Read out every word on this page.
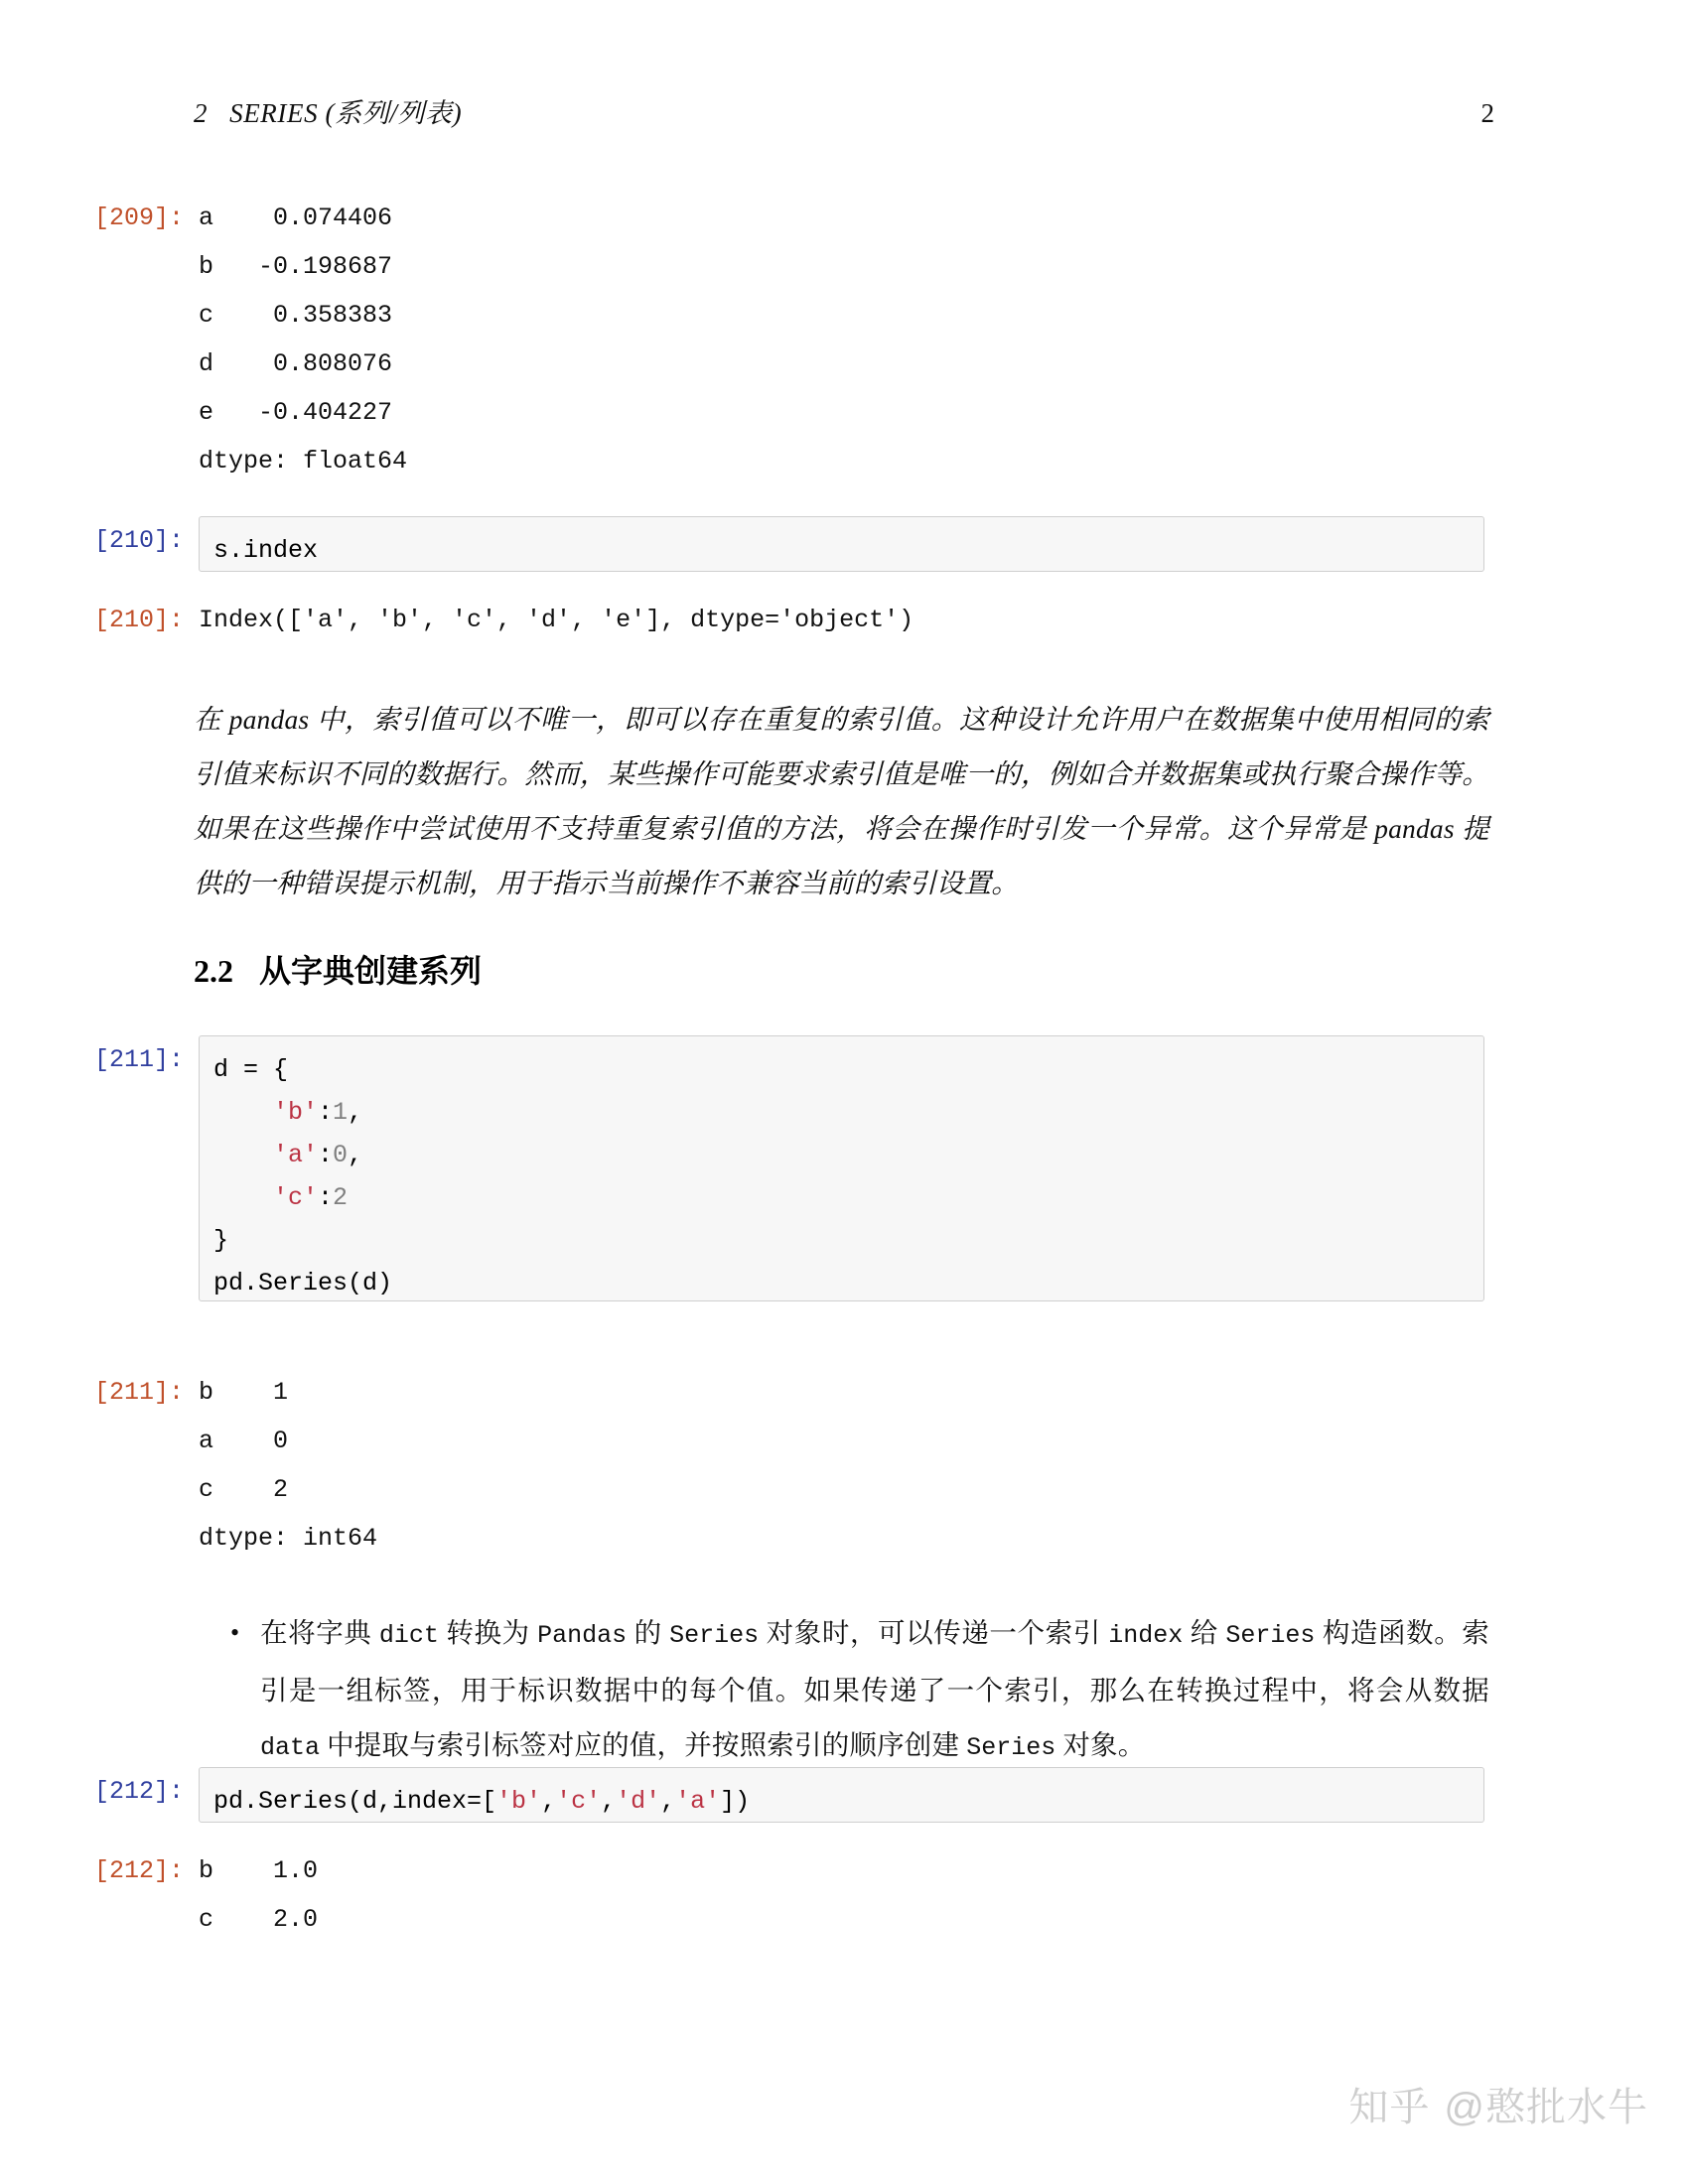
2 SERIES (系列/列表)	2
[209]: a    0.074406
b   -0.198687
c    0.358383
d    0.808076
e   -0.404227
dtype: float64
[210]:	s.index
[210]: Index(['a', 'b', 'c', 'd', 'e'], dtype='object')
在 pandas 中，索引值可以不唯一，即可以存在重复的索引值。这种设计允许用户在数据集中使用相同的索引值来标识不同的数据行。然而，某些操作可能要求索引值是唯一的，例如合并数据集或执行聚合操作等。如果在这些操作中尝试使用不支持重复索引值的方法，将会在操作时引发一个异常。这个异常是 pandas 提供的一种错误提示机制，用于指示当前操作不兼容当前的索引设置。
2.2 从字典创建系列
[211]:	d = {
'b':1,
'a':0,
'c':2
}
pd.Series(d)
[211]: b    1
a    0
c    2
dtype: int64
• 在将字典 dict 转换为 Pandas 的 Series 对象时，可以传递一个索引 index 给 Series 构造函数。索引是一组标签，用于标识数据中的每个值。如果传递了一个索引，那么在转换过程中，将会从数据 data 中提取与索引标签对应的值，并按照索引的顺序创建 Series 对象。
[212]:	pd.Series(d,index=['b','c','d','a'])
[212]: b    1.0
c    2.0
知乎 @憨批水牛
